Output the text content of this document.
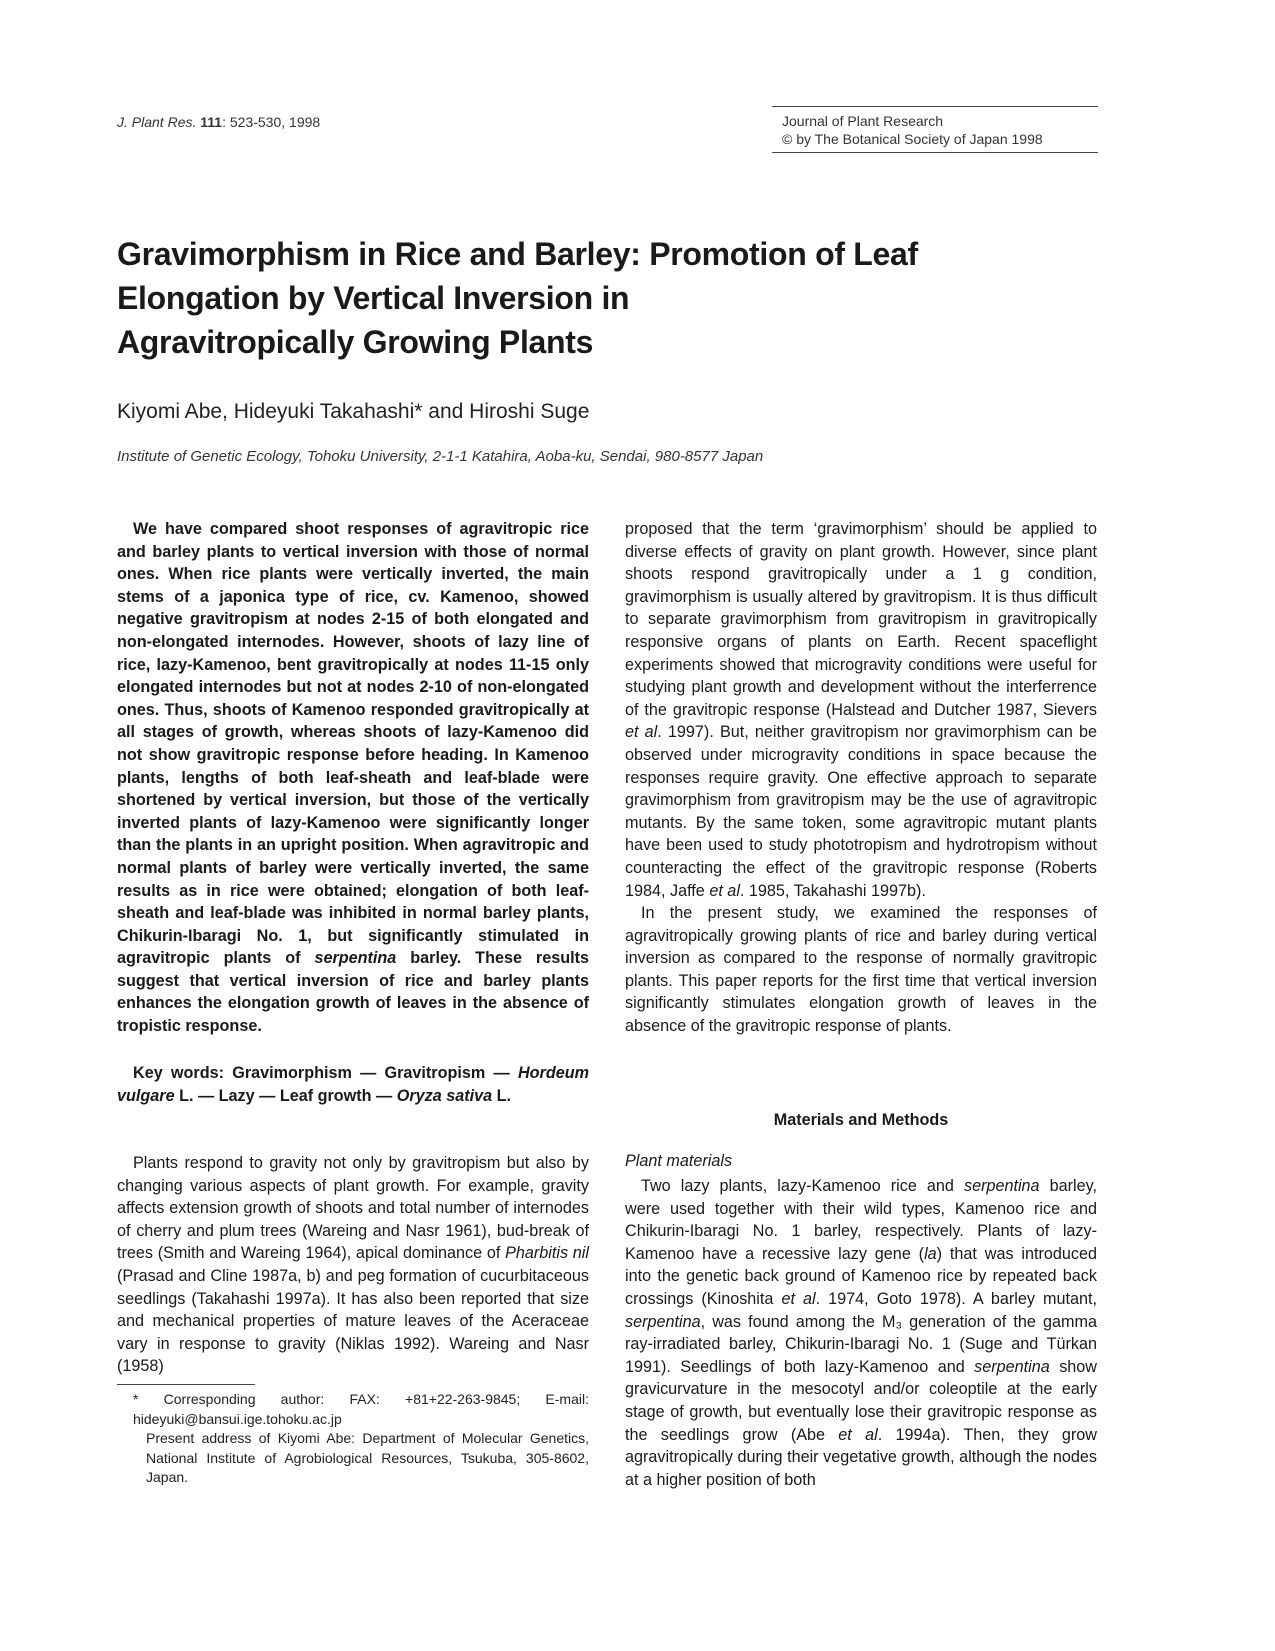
J. Plant Res. 111: 523-530, 1998	Journal of Plant Research
© by The Botanical Society of Japan 1998
Gravimorphism in Rice and Barley: Promotion of Leaf
Elongation by Vertical Inversion in
Agravitropically Growing Plants
Kiyomi Abe, Hideyuki Takahashi* and Hiroshi Suge
Institute of Genetic Ecology, Tohoku University, 2-1-1 Katahira, Aoba-ku, Sendai, 980-8577 Japan

We have compared shoot responses of agravitropic rice and barley plants to vertical inversion with those of normal ones. When rice plants were vertically inverted, the main stems of a japonica type of rice, cv. Kamenoo, showed negative gravitropism at nodes 2-15 of both elongated and non-elongated internodes. However, shoots of lazy line of rice, lazy-Kamenoo, bent gravitropically at nodes 11-15 only elongated internodes but not at nodes 2-10 of non-elongated ones. Thus, shoots of Kamenoo responded gravitropically at all stages of growth, whereas shoots of lazy-Kamenoo did not show gravitropic response before heading. In Kamenoo plants, lengths of both leaf-sheath and leaf-blade were shortened by vertical inversion, but those of the vertically inverted plants of lazy-Kamenoo were significantly longer than the plants in an upright position. When agravitropic and normal plants of barley were vertically inverted, the same results as in rice were obtained; elongation of both leaf-sheath and leaf-blade was inhibited in normal barley plants, Chikurin-Ibaragi No. 1, but significantly stimulated in agravitropic plants of serpentina barley. These results suggest that vertical inversion of rice and barley plants enhances the elongation growth of leaves in the absence of tropistic response.

Key words: Gravimorphism — Gravitropism — Hordeum vulgare L. — Lazy — Leaf growth — Oryza sativa L.

Plants respond to gravity not only by gravitropism but also by changing various aspects of plant growth. For example, gravity affects extension growth of shoots and total number of internodes of cherry and plum trees (Wareing and Nasr 1961), bud-break of trees (Smith and Wareing 1964), apical dominance of Pharbitis nil (Prasad and Cline 1987a, b) and peg formation of cucurbitaceous seedlings (Takahashi 1997a). It has also been reported that size and mechanical properties of mature leaves of the Aceraceae vary in response to gravity (Niklas 1992). Wareing and Nasr (1958)

* Corresponding author: FAX: +81+22-263-9845; E-mail: hideyuki@bansui.ige.tohoku.ac.jp

Present address of Kiyomi Abe: Department of Molecular Genetics, National Institute of Agrobiological Resources, Tsukuba, 305-8602, Japan.

proposed that the term ‘gravimorphism’ should be applied to diverse effects of gravity on plant growth. However, since plant shoots respond gravitropically under a 1 g condition, gravimorphism is usually altered by gravitropism. It is thus difficult to separate gravimorphism from gravitropism in gravitropically responsive organs of plants on Earth. Recent spaceflight experiments showed that microgravity conditions were useful for studying plant growth and development without the interferrence of the gravitropic response (Halstead and Dutcher 1987, Sievers et al. 1997). But, neither gravitropism nor gravimorphism can be observed under microgravity conditions in space because the responses require gravity. One effective approach to separate gravimorphism from gravitropism may be the use of agravitropic mutants. By the same token, some agravitropic mutant plants have been used to study phototropism and hydrotropism without counteracting the effect of the gravitropic response (Roberts 1984, Jaffe et al. 1985, Takahashi 1997b).

In the present study, we examined the responses of agravitropically growing plants of rice and barley during vertical inversion as compared to the response of normally gravitropic plants. This paper reports for the first time that vertical inversion significantly stimulates elongation growth of leaves in the absence of the gravitropic response of plants.

Materials and Methods
Plant materials

Two lazy plants, lazy-Kamenoo rice and serpentina barley, were used together with their wild types, Kamenoo rice and Chikurin-Ibaragi No. 1 barley, respectively. Plants of lazy-Kamenoo have a recessive lazy gene (la) that was introduced into the genetic back ground of Kamenoo rice by repeated back crossings (Kinoshita et al. 1974, Goto 1978). A barley mutant, serpentina, was found among the M₃ generation of the gamma ray-irradiated barley, Chikurin-Ibaragi No. 1 (Suge and Türkan 1991). Seedlings of both lazy-Kamenoo and serpentina show gravicurvature in the mesocotyl and/or coleoptile at the early stage of growth, but eventually lose their gravitropic response as the seedlings grow (Abe et al. 1994a). Then, they grow agravitropically during their vegetative growth, although the nodes at a higher position of both
